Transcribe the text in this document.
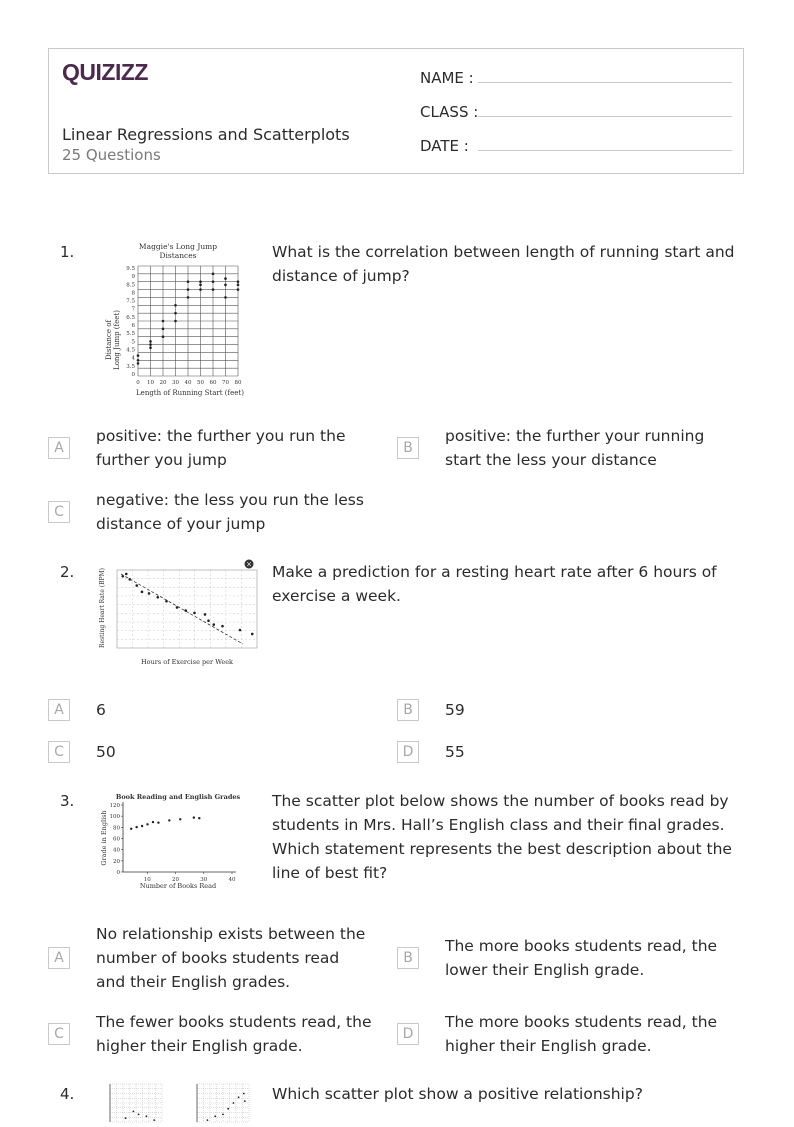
QUIZIZZ
Linear Regressions and Scatterplots
25 Questions
NAME :
CLASS :
DATE :
1.	Maggie's Long Jump
Distances
9.5
9
8.5
8
7.5
7
6.5
6
5.5
5
4.5
4
3.5
0
0 10 20 30 40 50 60 70 80
Distance of Long Jump (feet)
Length of Running Start (feet)
What is the correlation between length of running start and distance of jump?
A
positive: the further you run the further you jump
B
positive: the further your running start the less your distance
C
negative: the less you run the less distance of your jump
2.	×
Resting Heart Rate (BPM)
Hours of Exercise per Week
Make a prediction for a resting heart rate after 6 hours of exercise a week.
A	6	B	59
C	50	D	55
3.	Book Reading and English Grades
120
100
80
60
40
20
0
10	20	30	40
Grade in English
Number of Books Read
The scatter plot below shows the number of books read by students in Mrs. Hall’s English class and their final grades. Which statement represents the best description about the line of best fit?
A
No relationship exists between the number of books students read and their English grades.
B
The more books students read, the lower their English grade.
C
The fewer books students read, the higher their English grade.
D
The more books students read, the higher their English grade.
4.	Which scatter plot show a positive relationship?
